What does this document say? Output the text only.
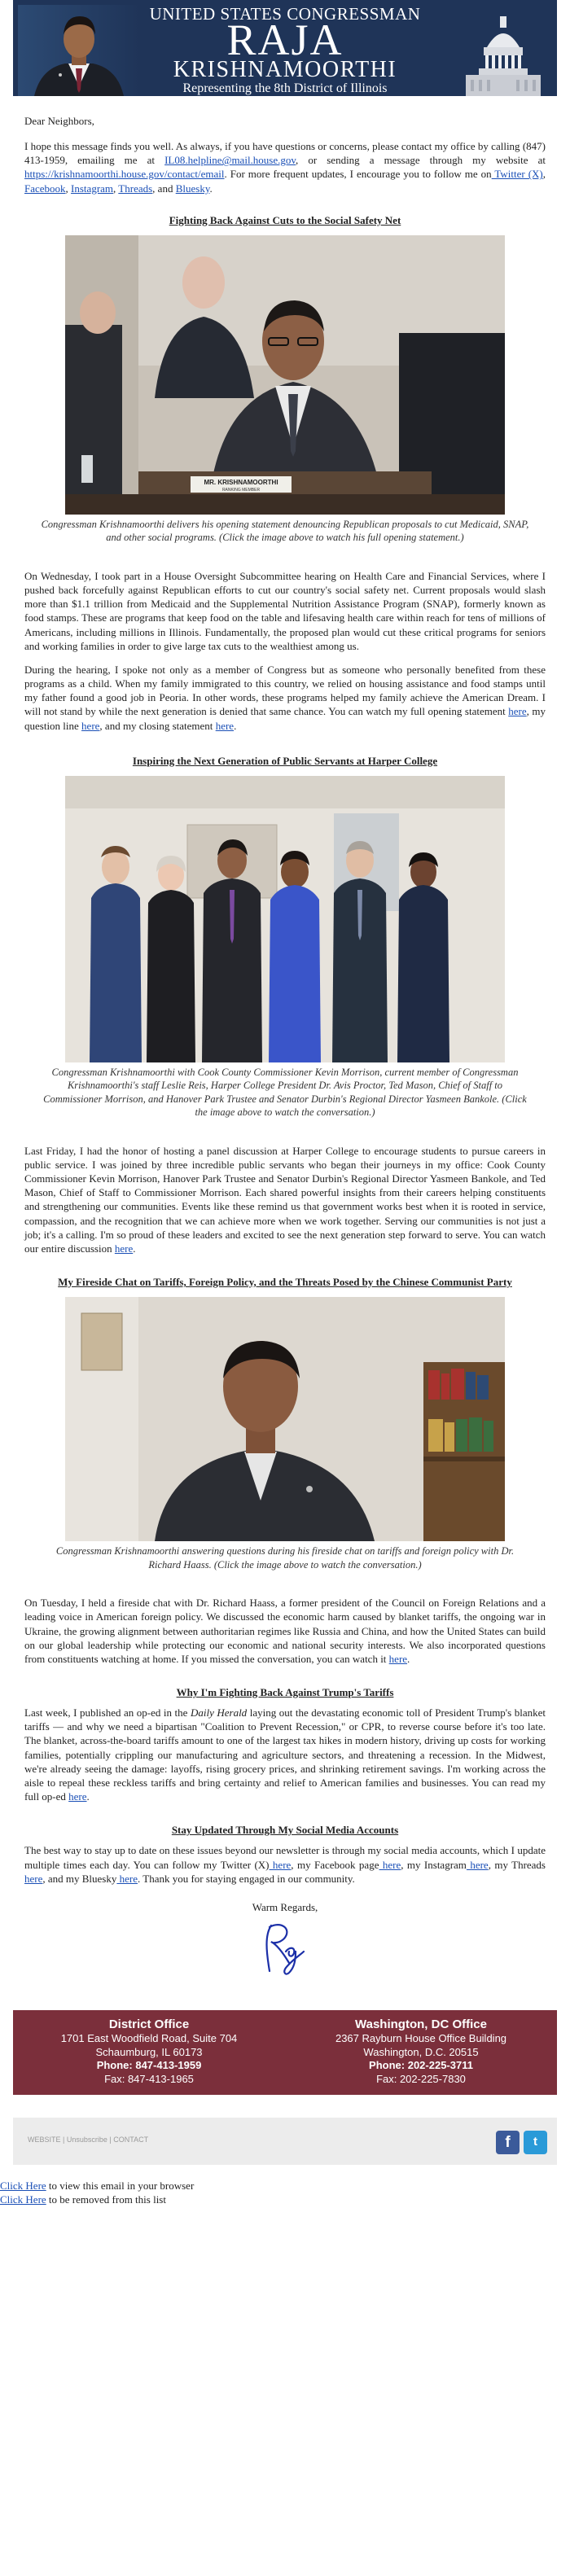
UNITED STATES CONGRESSMAN
RAJA
KRISHNAMOORTHI
Representing the 8th District of Illinois

Dear Neighbors,

I hope this message finds you well. As always, if you have questions or concerns, please contact my office by calling (847) 413-1959, emailing me at IL08.helpline@mail.house.gov, or sending a message through my website at https://krishnamoorthi.house.gov/contact/email. For more frequent updates, I encourage you to follow me on Twitter (X), Facebook, Instagram, Threads, and Bluesky.

Fighting Back Against Cuts to the Social Safety Net
MR. KRISHNAMOORTHI
RANKING MEMBER
Congressman Krishnamoorthi delivers his opening statement denouncing Republican proposals to cut Medicaid, SNAP, and other social programs. (Click the image above to watch his full opening statement.)

On Wednesday, I took part in a House Oversight Subcommittee hearing on Health Care and Financial Services, where I pushed back forcefully against Republican efforts to cut our country's social safety net. Current proposals would slash more than $1.1 trillion from Medicaid and the Supplemental Nutrition Assistance Program (SNAP), formerly known as food stamps. These are programs that keep food on the table and lifesaving health care within reach for tens of millions of Americans, including millions in Illinois. Fundamentally, the proposed plan would cut these critical programs for seniors and working families in order to give large tax cuts to the wealthiest among us.

During the hearing, I spoke not only as a member of Congress but as someone who personally benefited from these programs as a child. When my family immigrated to this country, we relied on housing assistance and food stamps until my father found a good job in Peoria. In other words, these programs helped my family achieve the American Dream. I will not stand by while the next generation is denied that same chance. You can watch my full opening statement here, my question line here, and my closing statement here.

Inspiring the Next Generation of Public Servants at Harper College
Congressman Krishnamoorthi with Cook County Commissioner Kevin Morrison, current member of Congressman Krishnamoorthi's staff Leslie Reis, Harper College President Dr. Avis Proctor, Ted Mason, Chief of Staff to Commissioner Morrison, and Hanover Park Trustee and Senator Durbin's Regional Director Yasmeen Bankole. (Click the image above to watch the conversation.)

Last Friday, I had the honor of hosting a panel discussion at Harper College to encourage students to pursue careers in public service. I was joined by three incredible public servants who began their journeys in my office: Cook County Commissioner Kevin Morrison, Hanover Park Trustee and Senator Durbin's Regional Director Yasmeen Bankole, and Ted Mason, Chief of Staff to Commissioner Morrison. Each shared powerful insights from their careers helping constituents and strengthening our communities. Events like these remind us that government works best when it is rooted in service, compassion, and the recognition that we can achieve more when we work together. Serving our communities is not just a job; it's a calling. I'm so proud of these leaders and excited to see the next generation step forward to serve. You can watch our entire discussion here.

My Fireside Chat on Tariffs, Foreign Policy, and the Threats Posed by the Chinese Communist Party
Congressman Krishnamoorthi answering questions during his fireside chat on tariffs and foreign policy with Dr. Richard Haass. (Click the image above to watch the conversation.)

On Tuesday, I held a fireside chat with Dr. Richard Haass, a former president of the Council on Foreign Relations and a leading voice in American foreign policy. We discussed the economic harm caused by blanket tariffs, the ongoing war in Ukraine, the growing alignment between authoritarian regimes like Russia and China, and how the United States can build on our global leadership while protecting our economic and national security interests. We also incorporated questions from constituents watching at home. If you missed the conversation, you can watch it here.

Why I'm Fighting Back Against Trump's Tariffs

Last week, I published an op-ed in the Daily Herald laying out the devastating economic toll of President Trump's blanket tariffs — and why we need a bipartisan "Coalition to Prevent Recession," or CPR, to reverse course before it's too late. The blanket, across-the-board tariffs amount to one of the largest tax hikes in modern history, driving up costs for working families, potentially crippling our manufacturing and agriculture sectors, and threatening a recession. In the Midwest, we're already seeing the damage: layoffs, rising grocery prices, and shrinking retirement savings. I'm working across the aisle to repeal these reckless tariffs and bring certainty and relief to American families and businesses. You can read my full op-ed here.

Stay Updated Through My Social Media Accounts

The best way to stay up to date on these issues beyond our newsletter is through my social media accounts, which I update multiple times each day. You can follow my Twitter (X) here, my Facebook page here, my Instagram here, my Threads here, and my Bluesky here. Thank you for staying engaged in our community.

Warm Regards,
District Office
1701 East Woodfield Road, Suite 704
Schaumburg, IL 60173
Phone: 847-413-1959
Fax: 847-413-1965
Washington, DC Office
2367 Rayburn House Office Building
Washington, D.C. 20515
Phone: 202-225-3711
Fax: 202-225-7830
WEBSITE | Unsubscribe | CONTACT	f	t
Click Here to view this email in your browser
Click Here to be removed from this list
